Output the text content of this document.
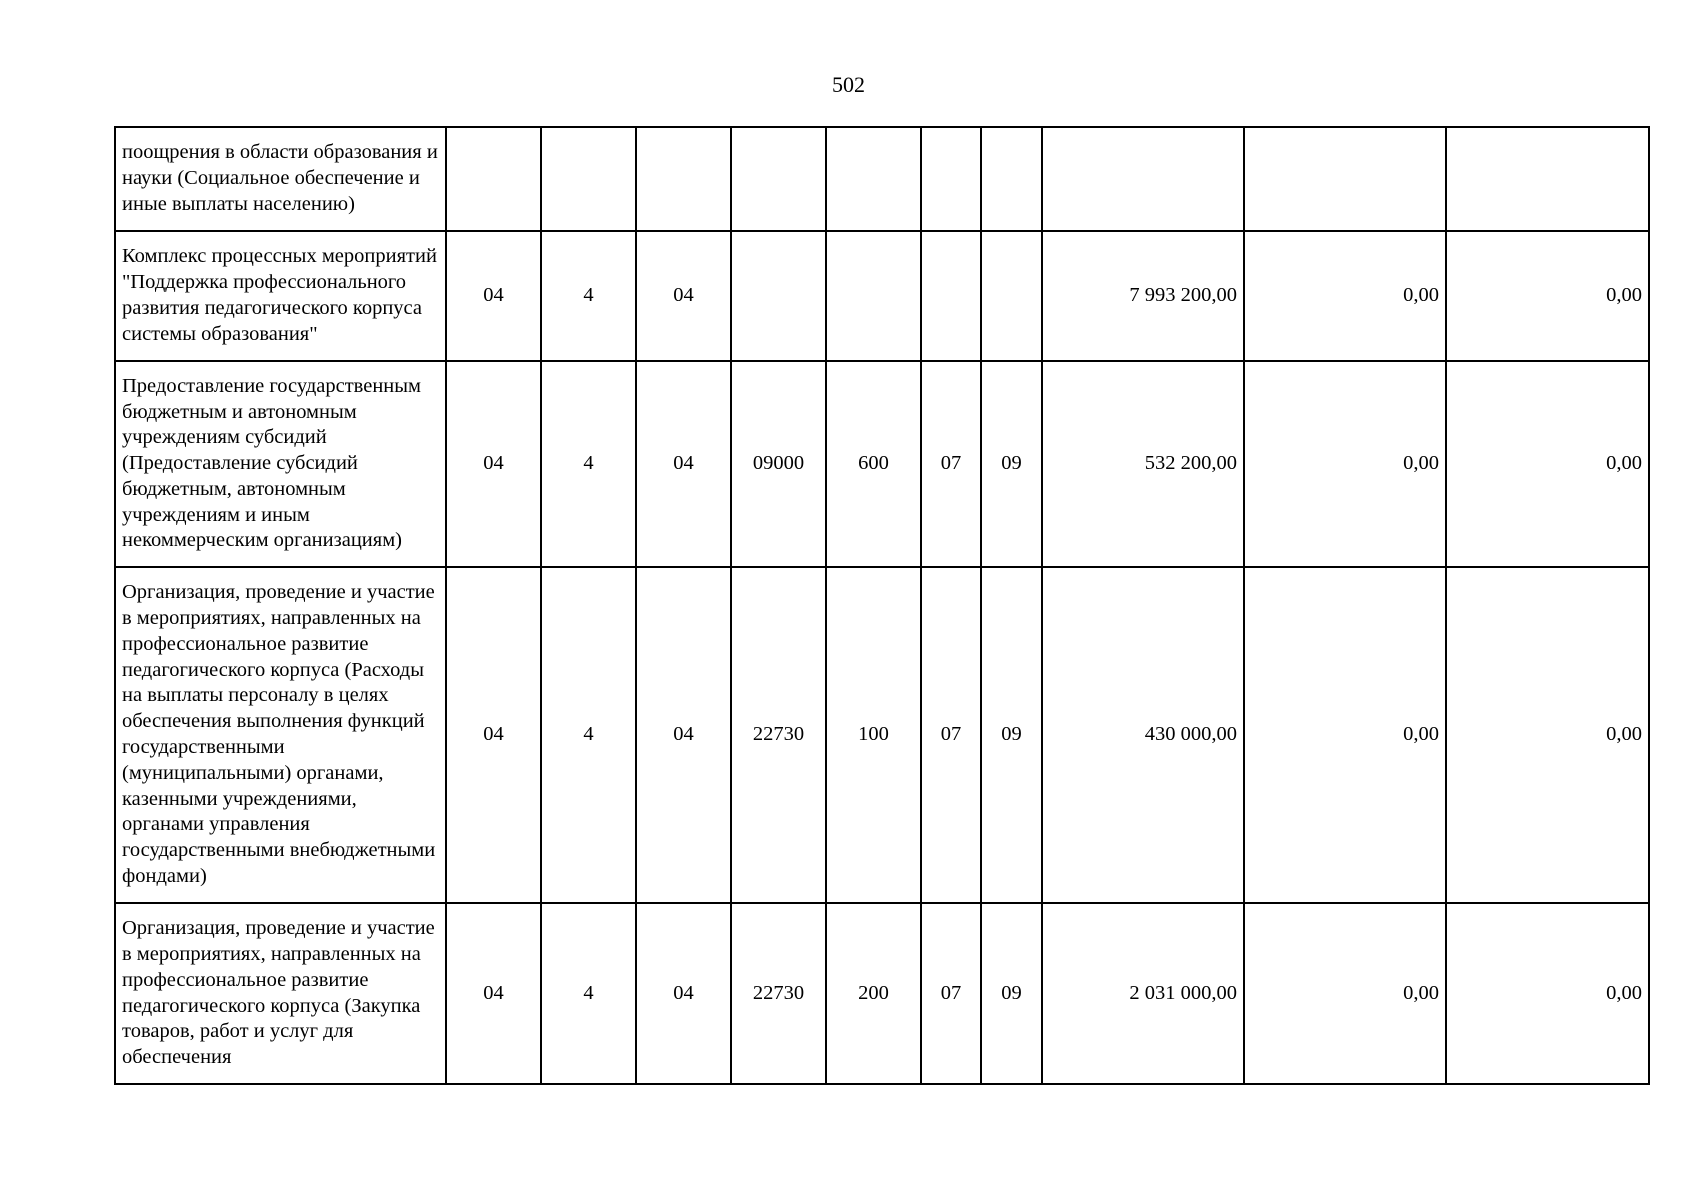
502
поощрения в области образования и науки (Социальное обеспечение и иные выплаты населению)										
Комплекс процессных мероприятий "Поддержка профессионального развития педагогического корпуса системы образования"	04	4	04					7 993 200,00	0,00	0,00
Предоставление государственным бюджетным и автономным учреждениям субсидий (Предоставление субсидий бюджетным, автономным учреждениям и иным некоммерческим организациям)	04	4	04	09000	600	07	09	532 200,00	0,00	0,00
Организация, проведение и участие в мероприятиях, направленных на профессиональное развитие педагогического корпуса (Расходы на выплаты персоналу в целях обеспечения выполнения функций государственными (муниципальными) органами, казенными учреждениями, органами управления государственными внебюджетными фондами)	04	4	04	22730	100	07	09	430 000,00	0,00	0,00
Организация, проведение и участие в мероприятиях, направленных на профессиональное развитие педагогического корпуса (Закупка товаров, работ и услуг для обеспечения	04	4	04	22730	200	07	09	2 031 000,00	0,00	0,00
